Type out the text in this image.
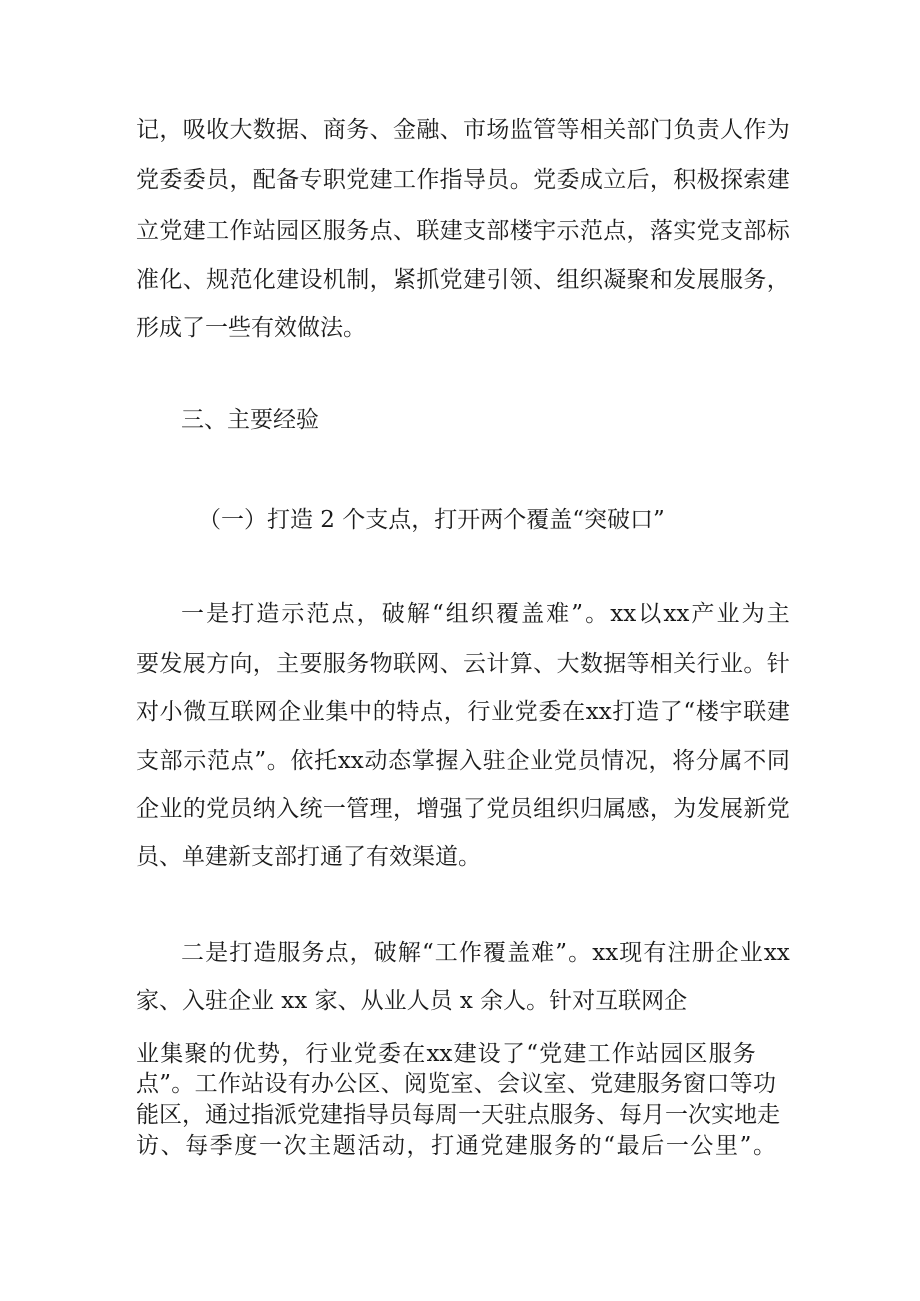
记 ， 吸 收 大 数 据 、 商 务 、 金 融 、 市 场 监 管 等 相 关 部 门 负 责 人 作 为
党 委 委 员 ， 配 备 专 职 党 建 工 作 指 导 员 。 党 委 成 立 后 ， 积 极 探 索 建
立 党 建 工 作 站 园 区 服 务 点 、 联 建 支 部 楼 宇 示 范 点 ， 落 实 党 支 部 标
准 化 、 规 范 化 建 设 机 制 ， 紧 抓 党 建 引 领 、 组 织 凝 聚 和 发 展 服 务 ，
形成了一些有效做法。
三、主要经验
（一）打造 2 个支点，打开两个覆盖“突破口”
一 是 打 造 示 范 点 ， 破 解 “ 组 织 覆 盖 难 ” 。 xx 以 xx 产 业 为 主
要 发 展 方 向 ， 主 要 服 务 物 联 网 、 云 计 算 、 大 数 据 等 相 关 行 业 。 针
对 小 微 互 联 网 企 业 集 中 的 特 点 ， 行 业 党 委 在 xx 打 造 了 “ 楼 宇 联 建
支 部 示 范 点 ” 。 依 托 xx 动 态 掌 握 入 驻 企 业 党 员 情 况 ， 将 分 属 不 同
企 业 的 党 员 纳 入 统 一 管 理 ， 增 强 了 党 员 组 织 归 属 感 ， 为 发 展 新 党
员、单建新支部打通了有效渠道。
二 是 打 造 服 务 点 ， 破 解 “ 工 作 覆 盖 难 ” 。 xx 现 有 注 册 企 业 xx
家、入驻企业 xx 家、从业人员 x 余人。针对互联网企
业 集 聚 的 优 势 ， 行 业 党 委 在 xx 建 设 了 “ 党 建 工 作 站 园 区 服 务
点 ” 。 工 作 站 设 有 办 公 区 、 阅 览 室 、 会 议 室 、 党 建 服 务 窗 口 等 功
能 区 ， 通 过 指 派 党 建 指 导 员 每 周 一 天 驻 点 服 务 、 每 月 一 次 实 地 走
访 、 每 季 度 一 次 主 题 活 动 ， 打 通 党 建 服 务 的 “ 最 后 一 公 里 ” 。
